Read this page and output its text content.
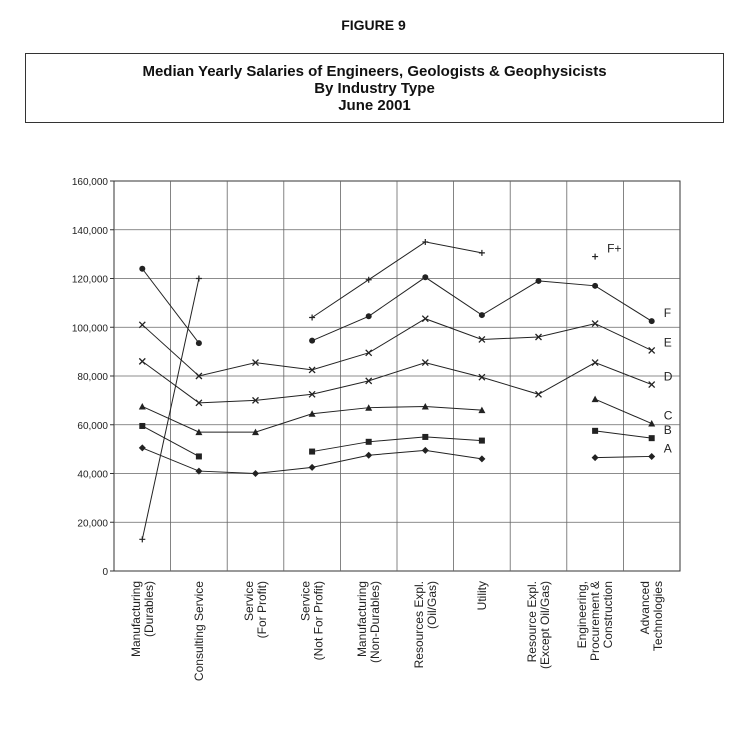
FIGURE 9
Median Yearly Salaries of Engineers, Geologists & Geophysicists
By Industry Type
June 2001
0
20,000
40,000
60,000
80,000
100,000
120,000
140,000
160,000
Manufacturing (Durables)	Consulting Service	Service (For Profit) Service (Not For Profit) Manufacturing (Non-Durables) Resources Expl. (Oil/Gas)	Utility	Resource Expl. (Except Oil/Gas) Engineering, Procurement & Construction Advanced Technologies
F+
F
E
D
C
B
A
